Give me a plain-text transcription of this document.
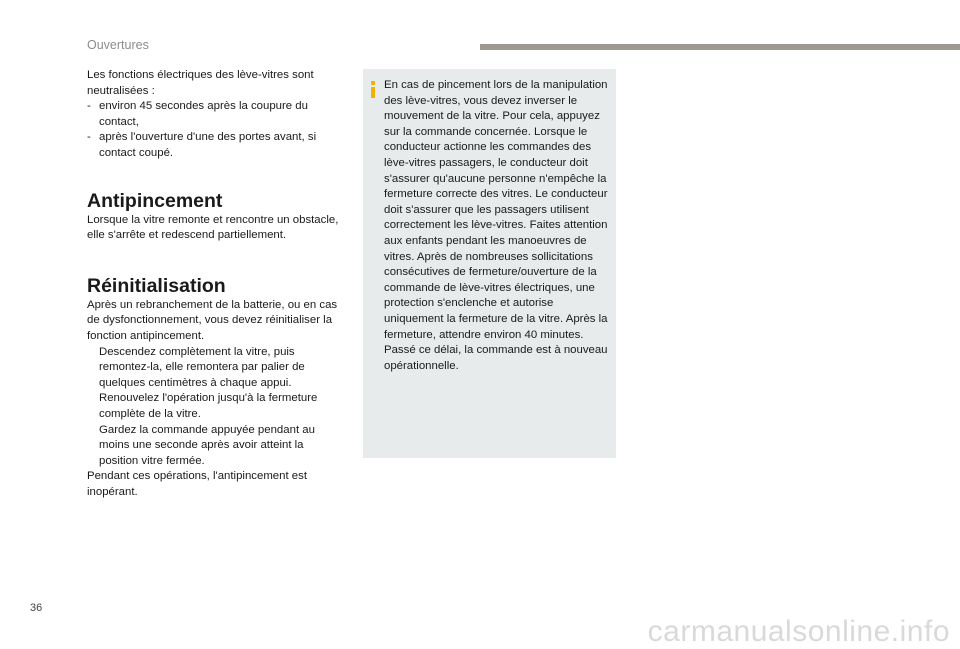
Ouvertures

Les fonctions électriques des lève-vitres sont neutralisées :

- environ 45 secondes après la coupure du contact,
- après l'ouverture d'une des portes avant, si contact coupé.
Antipincement

Lorsque la vitre remonte et rencontre un obstacle, elle s'arrête et redescend partiellement.

Réinitialisation

Après un rebranchement de la batterie, ou en cas de dysfonctionnement, vous devez réinitialiser la fonction antipincement.

Descendez complètement la vitre, puis remontez-la, elle remontera par palier de quelques centimètres à chaque appui. Renouvelez l'opération jusqu'à la fermeture complète de la vitre.
Gardez la commande appuyée pendant au moins une seconde après avoir atteint la position vitre fermée.

Pendant ces opérations, l'antipincement est inopérant.

En cas de pincement lors de la manipulation des lève-vitres, vous devez inverser le mouvement de la vitre. Pour cela, appuyez sur la commande concernée. Lorsque le conducteur actionne les commandes des lève-vitres passagers, le conducteur doit s'assurer qu'aucune personne n'empêche la fermeture correcte des vitres. Le conducteur doit s'assurer que les passagers utilisent correctement les lève-vitres. Faites attention aux enfants pendant les manoeuvres de vitres. Après de nombreuses sollicitations consécutives de fermeture/ouverture de la commande de lève-vitres électriques, une protection s'enclenche et autorise uniquement la fermeture de la vitre. Après la fermeture, attendre environ 40 minutes. Passé ce délai, la commande est à nouveau opérationnelle.

36
carmanualsonline.info
